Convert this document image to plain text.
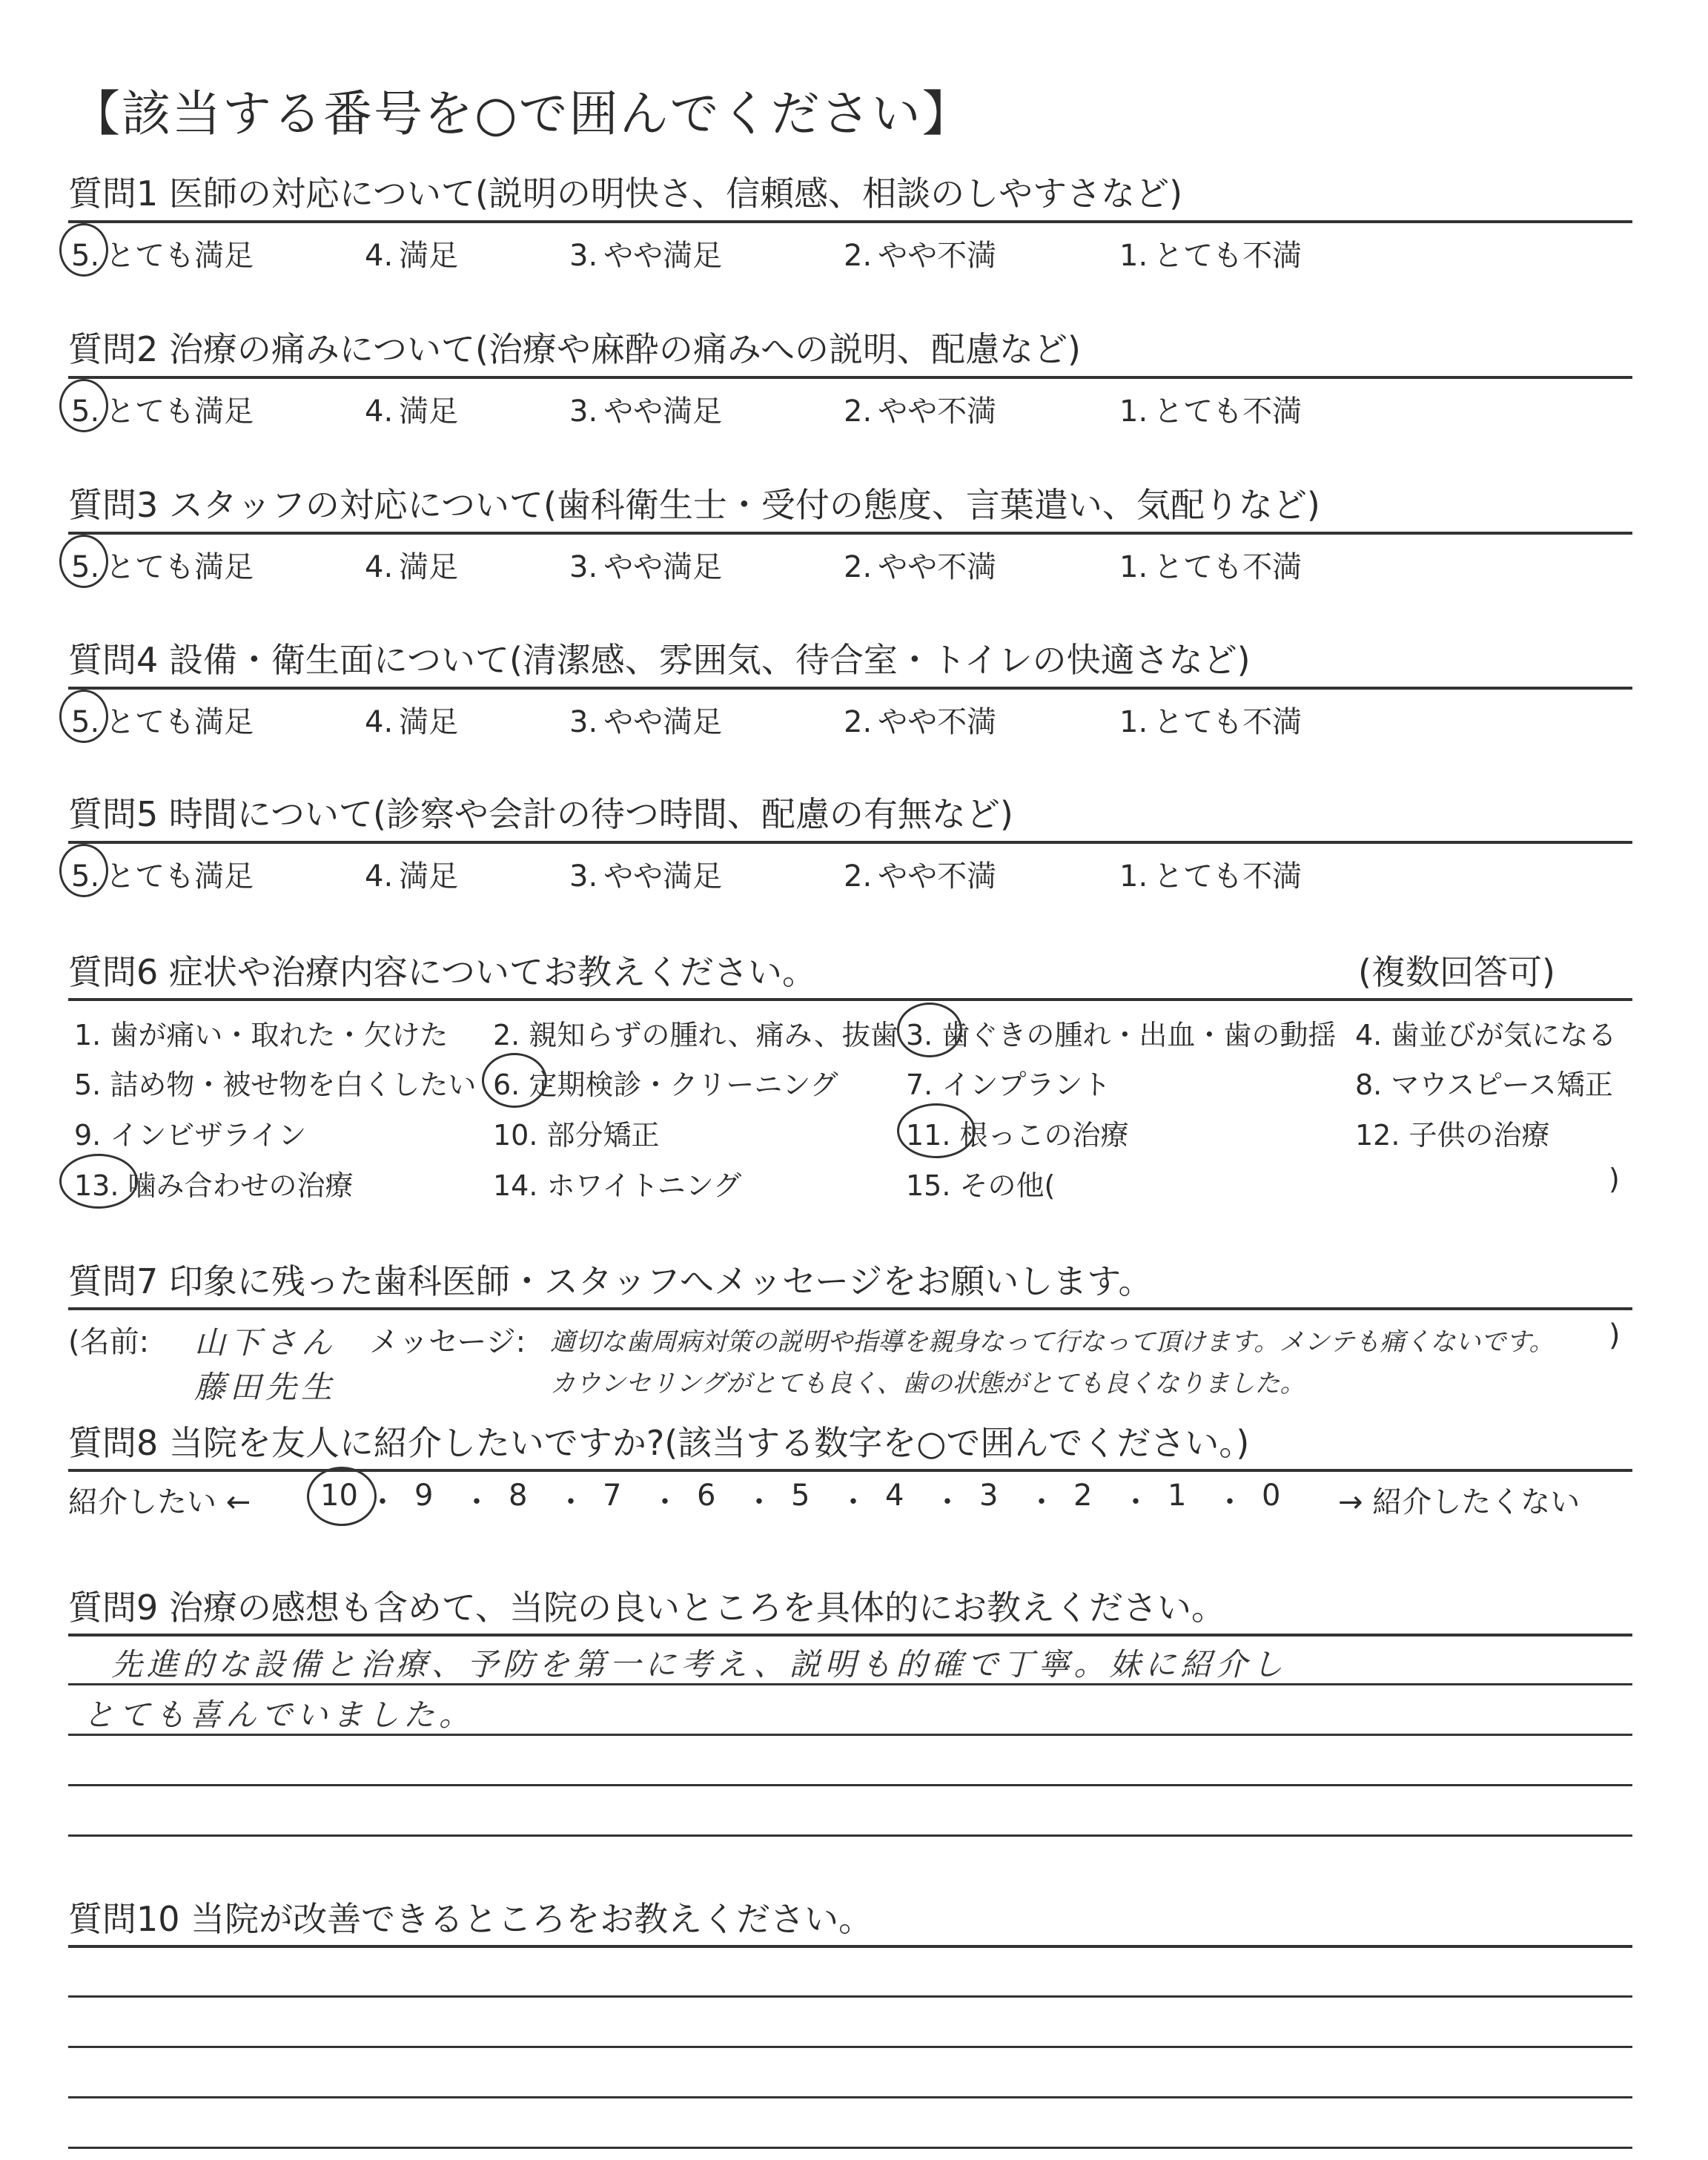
【該当する番号を○で囲んでください】
質問1 医師の対応について(説明の明快さ、信頼感、相談のしやすさなど)
5. とても満足	4. 満足	3. やや満足	2. やや不満	1. とても不満
質問2 治療の痛みについて(治療や麻酔の痛みへの説明、配慮など)
5. とても満足	4. 満足	3. やや満足	2. やや不満	1. とても不満
質問3 スタッフの対応について(歯科衛生士・受付の態度、言葉遣い、気配りなど)
5. とても満足	4. 満足	3. やや満足	2. やや不満	1. とても不満
質問4 設備・衛生面について(清潔感、雰囲気、待合室・トイレの快適さなど)
5. とても満足	4. 満足	3. やや満足	2. やや不満	1. とても不満
質問5 時間について(診察や会計の待つ時間、配慮の有無など)
5. とても満足	4. 満足	3. やや満足	2. やや不満	1. とても不満
質問6 症状や治療内容についてお教えください。	(複数回答可)
1. 歯が痛い・取れた・欠けた 2. 親知らずの腫れ、痛み、抜歯 3. 歯ぐきの腫れ・出血・歯の動揺 4. 歯並びが気になる
5. 詰め物・被せ物を白くしたい 6. 定期検診・クリーニング 7. インプラント	8. マウスピース矯正
9. インビザライン	10. 部分矯正	11. 根っこの治療	12. 子供の治療
13. 噛み合わせの治療	14. ホワイトニング	15. その他(	)
質問7 印象に残った歯科医師・スタッフへメッセージをお願いします。
(名前: 山下さん メッセージ: 適切な歯周病対策の説明や指導を親身なって行なって頂けます。メンテも痛くないです。 )
藤田先生	カウンセリングがとても良く、歯の状態がとても良くなりました。
質問8 当院を友人に紹介したいですか?(該当する数字を○で囲んでください。)
紹介したい ← 10 ・ 9 ・ 8 ・ 7 ・ 6 ・ 5 ・ 4 ・ 3 ・ 2 ・ 1 ・ 0 → 紹介したくない
質問9 治療の感想も含めて、当院の良いところを具体的にお教えください。
先進的な設備と治療、予防を第一に考え、説明も的確で丁寧。妹に紹介し
とても喜んでいました。
質問10 当院が改善できるところをお教えください。
